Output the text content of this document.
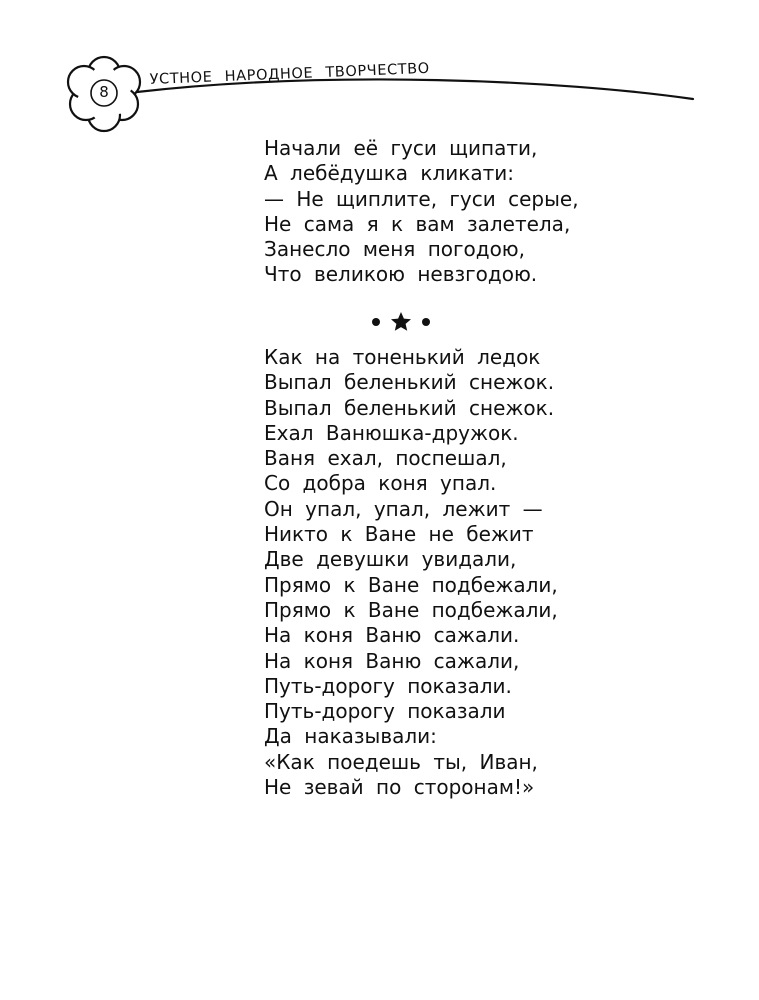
8
УСТНОЕ НАРОДНОЕ ТВОРЧЕСТВО
Начали её гуси щипати,
А лебёдушка кликати:
— Не щиплите, гуси серые,
Не сама я к вам залетела,
Занесло меня погодою,
Что великою невзгодою.
Как на тоненький ледок
Выпал беленький снежок.
Выпал беленький снежок.
Ехал Ванюшка-дружок.
Ваня ехал, поспешал,
Со добра коня упал.
Он упал, упал, лежит —
Никто к Ване не бежит
Две девушки увидали,
Прямо к Ване подбежали,
Прямо к Ване подбежали,
На коня Ваню сажали.
На коня Ваню сажали,
Путь-дорогу показали.
Путь-дорогу показали
Да наказывали:
«Как поедешь ты, Иван,
Не зевай по сторонам!»
